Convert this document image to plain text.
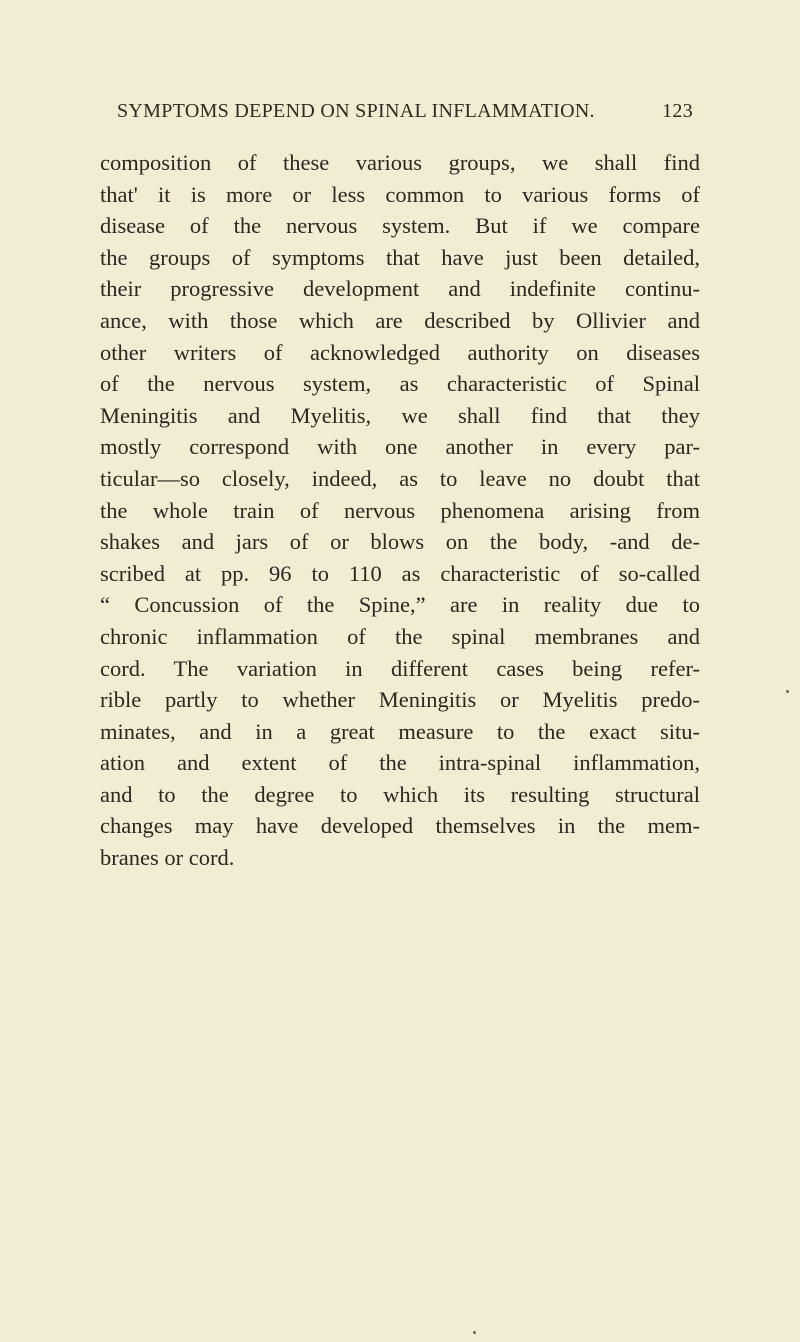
SYMPTOMS DEPEND ON SPINAL INFLAMMATION.	123
composition of these various groups, we shall find
that' it is more or less common to various forms of
disease of the nervous system. But if we compare
the groups of symptoms that have just been detailed,
their progressive development and indefinite continu-
ance, with those which are described by Ollivier and
other writers of acknowledged authority on diseases
of the nervous system, as characteristic of Spinal
Meningitis and Myelitis, we shall find that they
mostly correspond with one another in every par-
ticular—so closely, indeed, as to leave no doubt that
the whole train of nervous phenomena arising from
shakes and jars of or blows on the body, -and de-
scribed at pp. 96 to 110 as characteristic of so-called
“ Concussion of the Spine,” are in reality due to
chronic inflammation of the spinal membranes and
cord. The variation in different cases being refer-
rible partly to whether Meningitis or Myelitis predo-
minates, and in a great measure to the exact situ-
ation and extent of the intra-spinal inflammation,
and to the degree to which its resulting structural
changes may have developed themselves in the mem-
branes or cord.
